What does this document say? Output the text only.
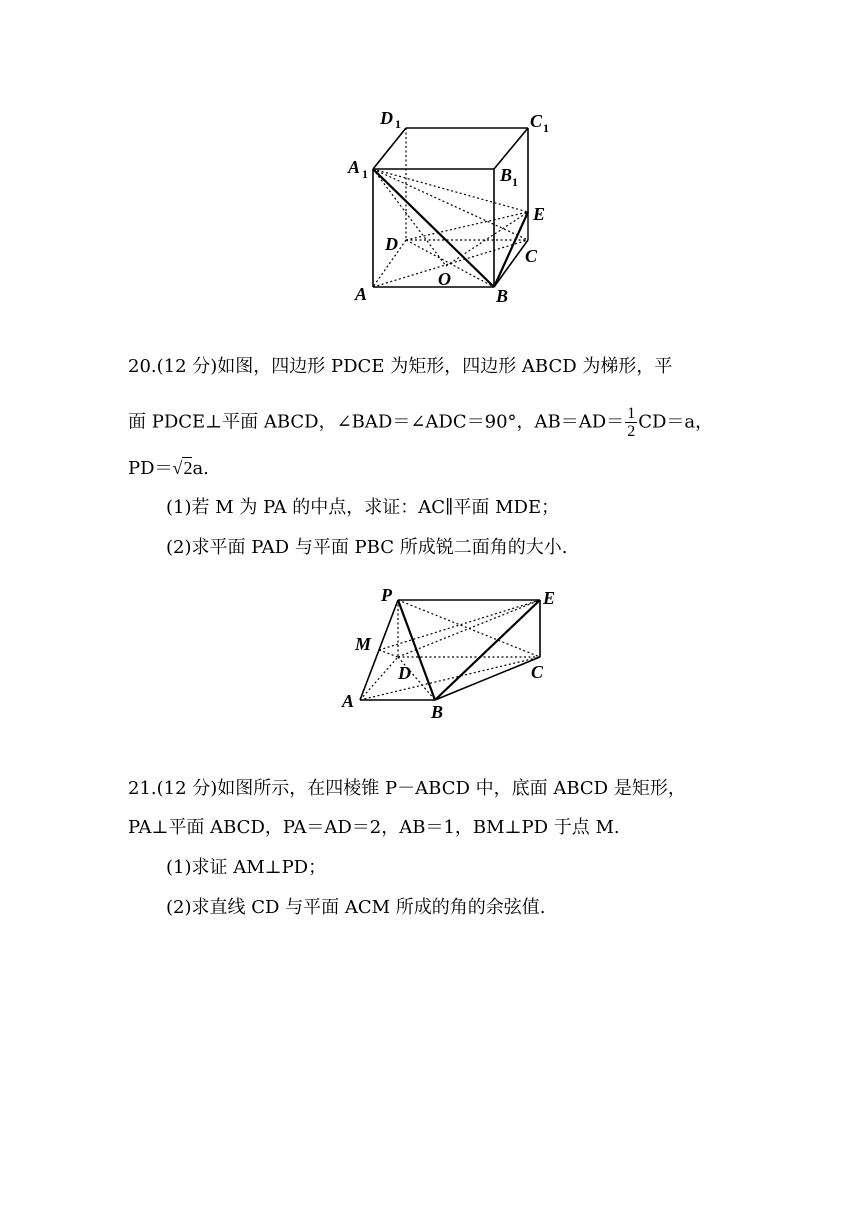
D 1	C 1
A 1	B 1
E
D
C
A
O
B
20.(12 分)如图，四边形 PDCE 为矩形，四边形 ABCD 为梯形，平
面 PDCE⊥平面 ABCD，∠BAD＝∠ADC＝90°，$AB=AD= \frac{1}{2} CD=a$，
PD＝√2a.
(1)若 M 为 PA 的中点，求证：AC∥平面 MDE；
(2)求平面 PAD 与平面 PBC 所成锐二面角的大小.
P	E
M
D	C
A
B
21.(12 分)如图所示，在四棱锥 P－ABCD 中，底面 ABCD 是矩形，
PA⊥平面 ABCD，PA＝AD＝2，AB＝1，BM⊥PD 于点 M.
(1)求证 AM⊥PD；
(2)求直线 CD 与平面 ACM 所成的角的余弦值.
